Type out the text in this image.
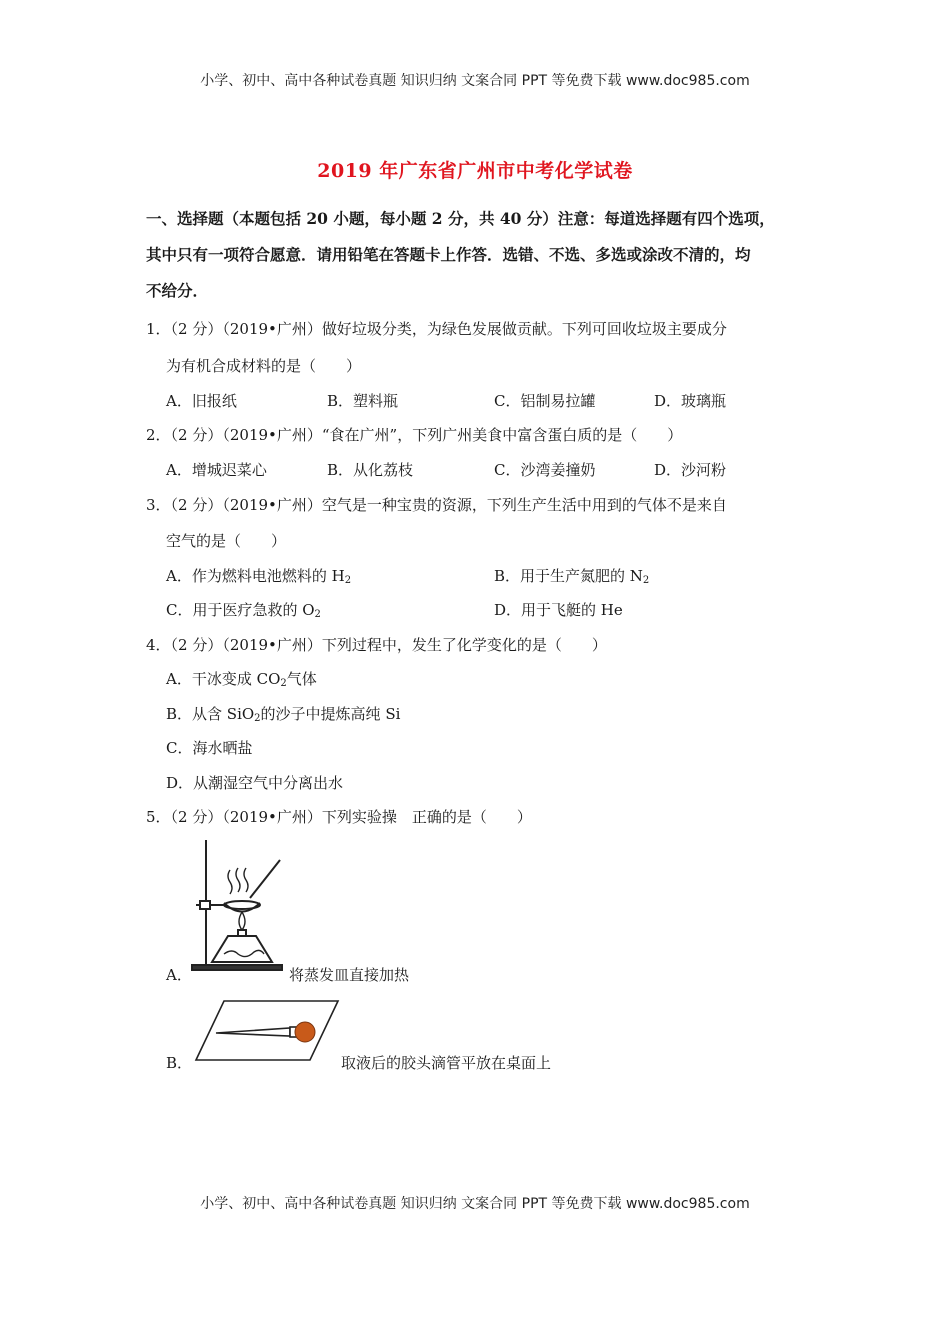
小学、初中、高中各种试卷真题 知识归纳 文案合同 PPT 等免费下载 www.doc985.com
2019 年广东省广州市中考化学试卷
一、选择题（本题包括 20 小题，每小题 2 分，共 40 分）注意：每道选择题有四个选项，
其中只有一项符合愿意．请用铅笔在答题卡上作答．选错、不选、多选或涂改不清的，均
不给分．
1．（2 分）（2019•广州）做好垃圾分类，为绿色发展做贡献。下列可回收垃圾主要成分
为有机合成材料的是（　　）
A．旧报纸	B．塑料瓶	C．铝制易拉罐	D．玻璃瓶
2．（2 分）（2019•广州）“食在广州”，下列广州美食中富含蛋白质的是（　　）
A．增城迟菜心	B．从化荔枝	C．沙湾姜撞奶	D．沙河粉
3．（2 分）（2019•广州）空气是一种宝贵的资源，下列生产生活中用到的气体不是来自
空气的是（　　）
A．作为燃料电池燃料的 $H_2$	B．用于生产氮肥的 $N_2$
C．用于医疗急救的 $O_2$	D．用于飞艇的 He
4．（2 分）（2019•广州）下列过程中，发生了化学变化的是（　　）
A．干冰变成 $CO_2$气体
B．从含 SiO$_2$的沙子中提炼高纯 Si
C．海水晒盐
D．从潮湿空气中分离出水
5．（2 分）（2019•广州）下列实验操　正确的是（　　）
A．	将蒸发皿直接加热
B．	取液后的胶头滴管平放在桌面上
小学、初中、高中各种试卷真题 知识归纳 文案合同 PPT 等免费下载 www.doc985.com
